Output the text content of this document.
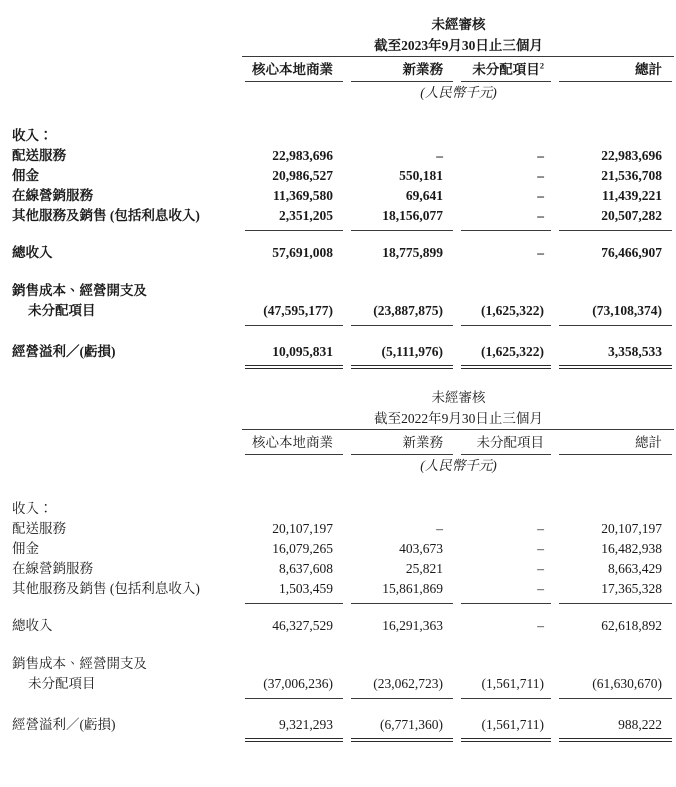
	未經審核			
	截至2023年9月30日止三個月			

	核心本地商業	新業務	未分配項目$^2$	總計

	(人民幣千元)			

收入：				
配送服務	22,983,696	–	–	22,983,696
佣金	20,986,527	550,181	–	21,536,708
在線營銷服務	11,369,580	69,641	–	11,439,221
其他服務及銷售 (包括利息收入)	2,351,205	18,156,077	–	20,507,282

總收入	57,691,008	18,775,899	–	76,466,907

銷售成本、經營開支及				
未分配項目	(47,595,177)	(23,887,875)	(1,625,322)	(73,108,374)

經營溢利／(虧損)	10,095,831	(5,111,976)	(1,625,322)	3,358,533

	未經審核			
	截至2022年9月30日止三個月			

	核心本地商業	新業務	未分配項目	總計

	(人民幣千元)			

收入：				
配送服務	20,107,197	–	–	20,107,197
佣金	16,079,265	403,673	–	16,482,938
在線營銷服務	8,637,608	25,821	–	8,663,429
其他服務及銷售 (包括利息收入)	1,503,459	15,861,869	–	17,365,328

總收入	46,327,529	16,291,363	–	62,618,892

銷售成本、經營開支及				
未分配項目	(37,006,236)	(23,062,723)	(1,561,711)	(61,630,670)

經營溢利／(虧損)	9,321,293	(6,771,360)	(1,561,711)	988,222
